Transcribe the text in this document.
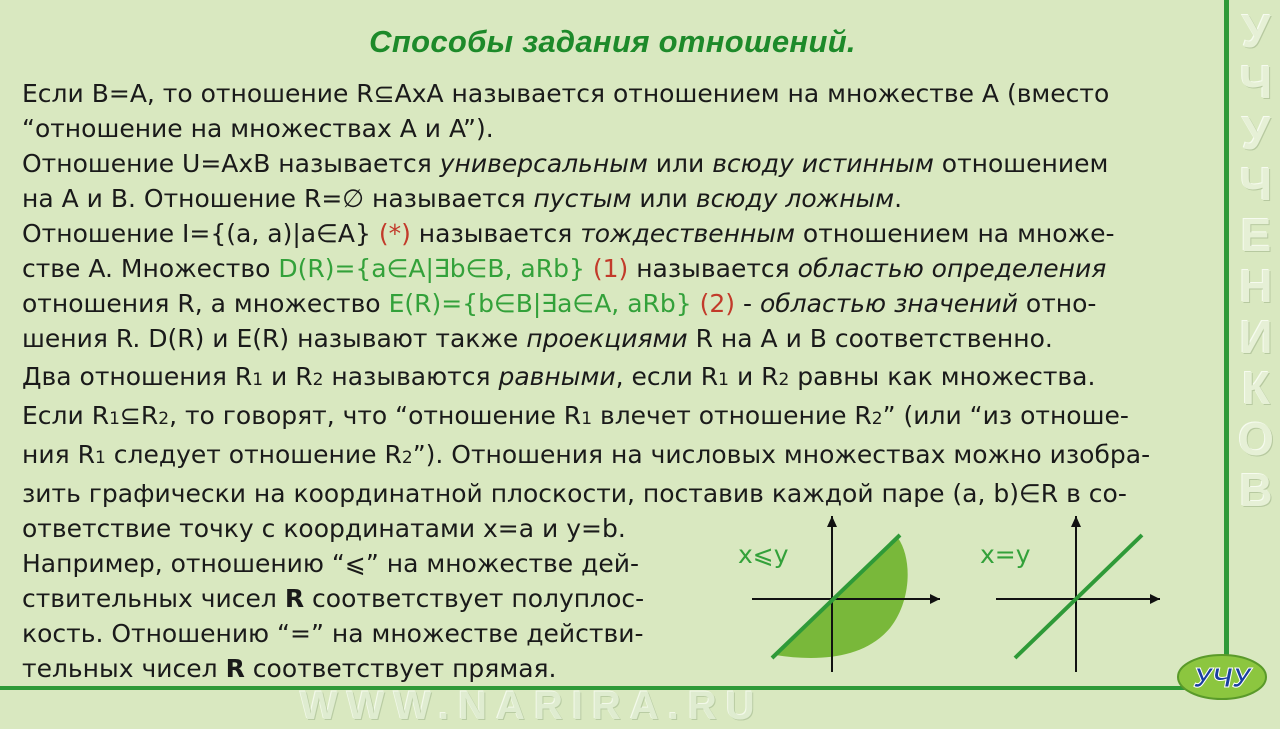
Способы задания отношений.
Если B=A, то отношение R⊆AxA называется отношением на множестве A (вместо
“отношение на множествах A и A”).
Отношение U=AxB называется универсальным или всюду истинным отношением
на A и B. Отношение R=∅ называется пустым или всюду ложным.
Отношение I={(a, a)|a∈A} (*) называется тождественным отношением на множе-
стве A. Множество D(R)={a∈A|∃b∈B, aRb} (1) называется областью определения
отношения R, а множество E(R)={b∈B|∃a∈A, aRb} (2) - областью значений отно-
шения R. D(R) и E(R) называют также проекциями R на A и B соответственно.
Два отношения R1 и R2 называются равными, если R1 и R2 равны как множества.
Если R1⊆R2, то говорят, что “отношение R1 влечет отношение R2” (или “из отноше-
ния R1 следует отношение R2”). Отношения на числовых множествах можно изобра-
зить графически на координатной плоскости, поставив каждой паре (a, b)∈R в со-
ответствие точку с координатами x=a и y=b.
Например, отношению “⩽” на множестве дей-
ствительных чисел R соответствует полуплос-
кость. Отношению “=” на множестве действи-
тельных чисел R соответствует прямая.
x⩽y	x=y
У
Ч
У
Ч
Е
Н
И
К
О
В
WWW.NARIRA.RU
УЧУ
